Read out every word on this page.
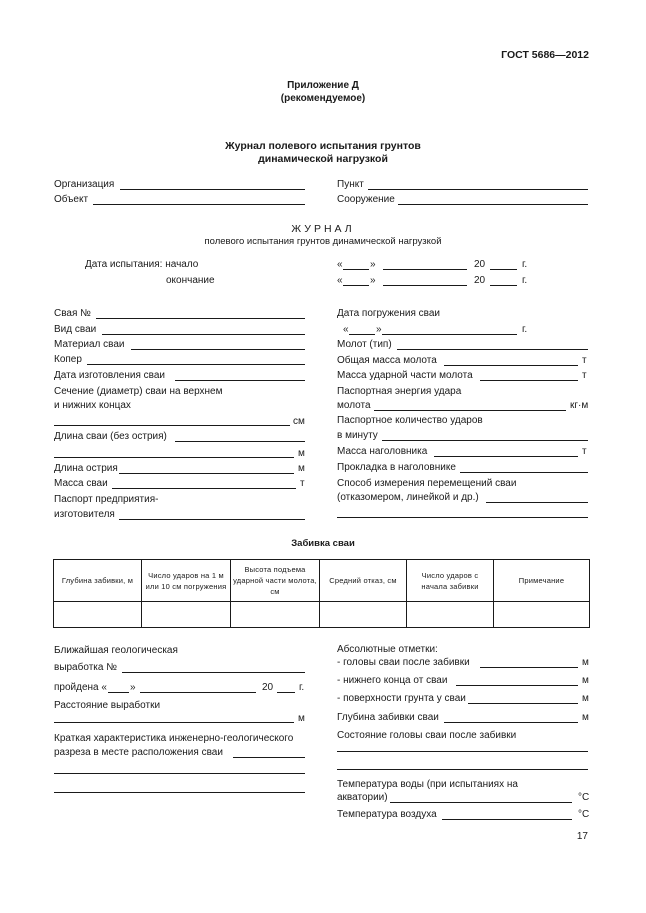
ГОСТ 5686—2012
Приложение Д
(рекомендуемое)
Журнал полевого испытания грунтов
динамической нагрузкой
Организация
Объект
Пункт
Сооружение
ЖУРНАЛ
полевого испытания грунтов динамической нагрузкой
Дата испытания: начало
окончание
«	»	20	г.
«	»	20	г.
Свая №
Вид сваи
Материал сваи
Копер
Дата изготовления сваи
Сечение (диаметр) сваи на верхнем
и нижних концах
см
Длина сваи (без острия)
м
Длина острия	м
Масса сваи	т
Паспорт предприятия-
изготовителя
Дата погружения сваи
«	»	г.
Молот (тип)
Общая масса молота	т
Масса ударной части молота	т
Паспортная энергия удара
молота	кг·м
Паспортное количество ударов
в минуту
Масса наголовника	т
Прокладка в наголовнике
Способ измерения перемещений сваи
(отказомером, линейкой и др.)
Забивка сваи
Глубина забивки, м	Число ударов на 1 м или 10 см погружения	Высота подъема ударной части молота, см	Средний отказ, см	Число ударов с начала забивки	Примечание

Ближайшая геологическая
выработка №
пройдена « »	20	г.
Расстояние выработки
м
Краткая характеристика инженерно-геологического
разреза в месте расположения сваи
Абсолютные отметки:
- головы сваи после забивки	м
- нижнего конца от сваи	м
- поверхности грунта у сваи	м
Глубина забивки сваи	м
Состояние головы сваи после забивки
Температура воды (при испытаниях на
акватории)	°С
Температура воздуха	°С
17
